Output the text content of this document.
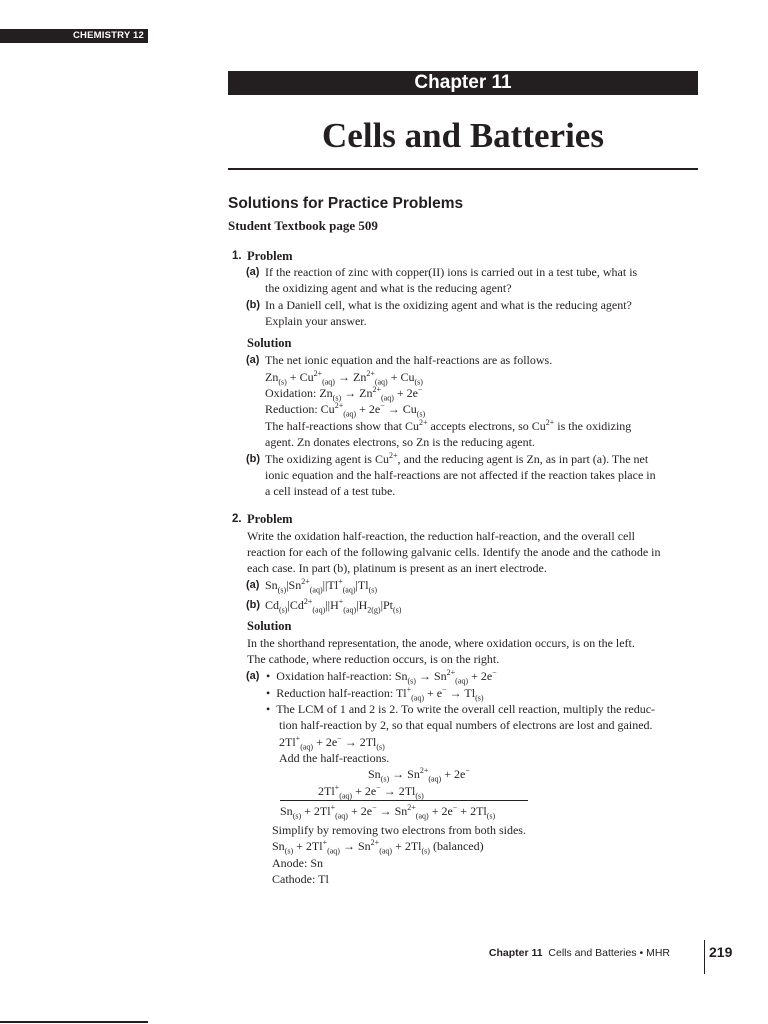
CHEMISTRY 12
Chapter 11
Cells and Batteries
Solutions for Practice Problems
Student Textbook page 509
1. Problem
(a) If the reaction of zinc with copper(II) ions is carried out in a test tube, what is
the oxidizing agent and what is the reducing agent?
(b) In a Daniell cell, what is the oxidizing agent and what is the reducing agent?
Explain your answer.
Solution
(a) The net ionic equation and the half-reactions are as follows.
$Zn_{(s)} + Cu^{2+}_{(aq)} \to Zn^{2+}_{(aq)} + Cu_{(s)}$
Oxidation: $Zn_{(s)} \to Zn^{2+}_{(aq)} + 2e^-$
Reduction: $Cu^{2+}_{(aq)} + 2e^- \to Cu_{(s)}$
The half-reactions show that $Cu^{2+}$ accepts electrons, so $Cu^{2+}$ is the oxidizing
agent. Zn donates electrons, so Zn is the reducing agent.
(b) The oxidizing agent is $Cu^{2+}$, and the reducing agent is Zn, as in part (a). The net
ionic equation and the half-reactions are not affected if the reaction takes place in
a cell instead of a test tube.
2. Problem
Write the oxidation half-reaction, the reduction half-reaction, and the overall cell
reaction for each of the following galvanic cells. Identify the anode and the cathode in
each case. In part (b), platinum is present as an inert electrode.
(a) $Sn_{(s)}|Sn^{2+}_{(aq)}||Tl^+_{(aq)}|Tl_{(s)}$
(b) $Cd_{(s)}|Cd^{2+}_{(aq)}||H^+_{(aq)}|H_{2(g)}|Pt_{(s)}$
Solution
In the shorthand representation, the anode, where oxidation occurs, is on the left.
The cathode, where reduction occurs, is on the right.
(a) •  Oxidation half-reaction: $Sn_{(s)} \to Sn^{2+}_{(aq)} + 2e^-$
•  Reduction half-reaction: $Tl^+_{(aq)} + e^- \to Tl_{(s)}$
•  The LCM of 1 and 2 is 2. To write the overall cell reaction, multiply the reduc-
tion half-reaction by 2, so that equal numbers of electrons are lost and gained.
$2Tl^+_{(aq)} + 2e^- \to 2Tl_{(s)}$
Add the half-reactions.
$Sn_{(s)} \to Sn^{2+}_{(aq)} + 2e^-$
$2Tl^+_{(aq)} + 2e^- \to 2Tl_{(s)}$
$Sn_{(s)} + 2Tl^+_{(aq)} + 2e^- \to Sn^{2+}_{(aq)} + 2e^- + 2Tl_{(s)}$
Simplify by removing two electrons from both sides.
$Sn_{(s)} + 2Tl^+_{(aq)} \to Sn^{2+}_{(aq)} + 2Tl_{(s)}$ (balanced)
Anode: Sn
Cathode: Tl
Chapter 11 Cells and Batteries • MHR	219
